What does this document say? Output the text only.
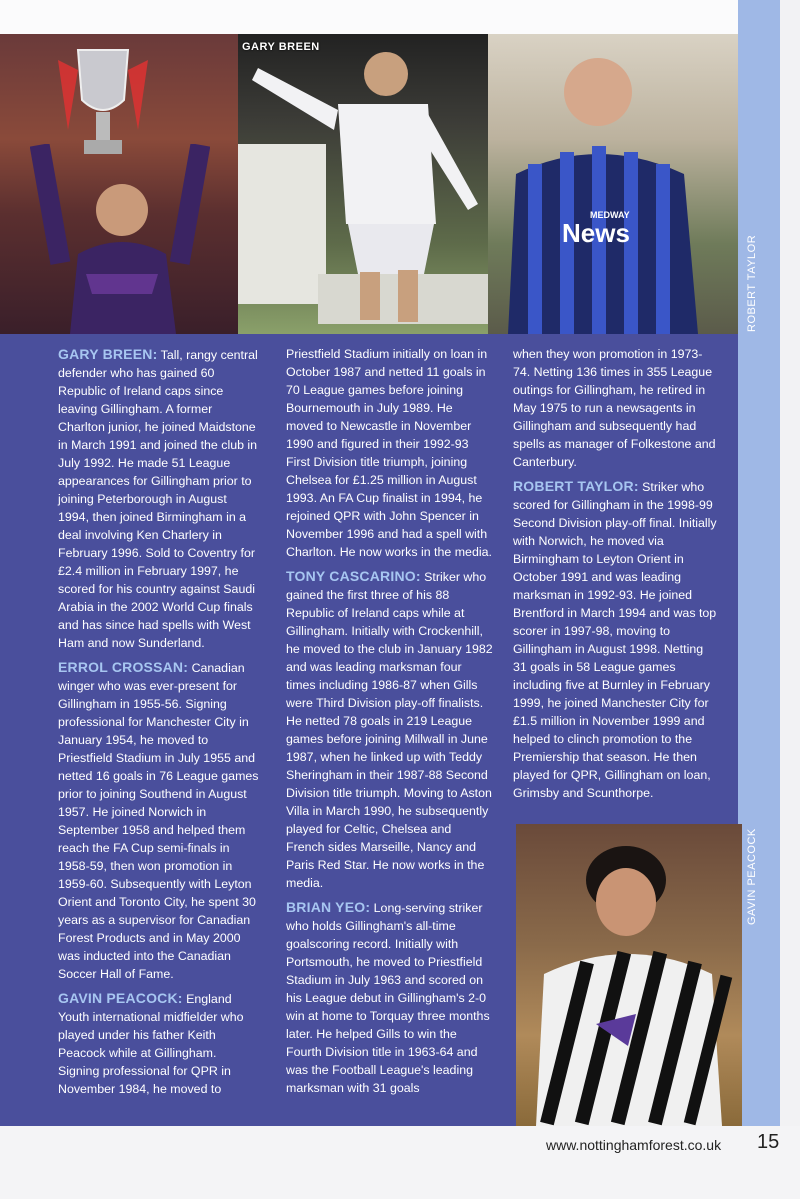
GARY BREEN
News
MEDWAY
ROBERT TAYLOR

GARY BREEN: Tall, rangy central defender who has gained 60 Republic of Ireland caps since leaving Gillingham. A former Charlton junior, he joined Maidstone in March 1991 and joined the club in July 1992. He made 51 League appearances for Gillingham prior to joining Peterborough in August 1994, then joined Birmingham in a deal involving Ken Charlery in February 1996. Sold to Coventry for £2.4 million in February 1997, he scored for his country against Saudi Arabia in the 2002 World Cup finals and has since had spells with West Ham and now Sunderland.

ERROL CROSSAN: Canadian winger who was ever-present for Gillingham in 1955-56. Signing professional for Manchester City in January 1954, he moved to Priestfield Stadium in July 1955 and netted 16 goals in 76 League games prior to joining Southend in August 1957. He joined Norwich in September 1958 and helped them reach the FA Cup semi-finals in 1958-59, then won promotion in 1959-60. Subsequently with Leyton Orient and Toronto City, he spent 30 years as a supervisor for Canadian Forest Products and in May 2000 was inducted into the Canadian Soccer Hall of Fame.

GAVIN PEACOCK: England Youth international midfielder who played under his father Keith Peacock while at Gillingham. Signing professional for QPR in November 1984, he moved to

Priestfield Stadium initially on loan in October 1987 and netted 11 goals in 70 League games before joining Bournemouth in July 1989. He moved to Newcastle in November 1990 and figured in their 1992-93 First Division title triumph, joining Chelsea for £1.25 million in August 1993. An FA Cup finalist in 1994, he rejoined QPR with John Spencer in November 1996 and had a spell with Charlton. He now works in the media.

TONY CASCARINO: Striker who gained the first three of his 88 Republic of Ireland caps while at Gillingham. Initially with Crockenhill, he moved to the club in January 1982 and was leading marksman four times including 1986-87 when Gills were Third Division play-off finalists. He netted 78 goals in 219 League games before joining Millwall in June 1987, when he linked up with Teddy Sheringham in their 1987-88 Second Division title triumph. Moving to Aston Villa in March 1990, he subsequently played for Celtic, Chelsea and French sides Marseille, Nancy and Paris Red Star. He now works in the media.

BRIAN YEO: Long-serving striker who holds Gillingham's all-time goalscoring record. Initially with Portsmouth, he moved to Priestfield Stadium in July 1963 and scored on his League debut in Gillingham's 2-0 win at home to Torquay three months later. He helped Gills to win the Fourth Division title in 1963-64 and was the Football League's leading marksman with 31 goals

when they won promotion in 1973-74. Netting 136 times in 355 League outings for Gillingham, he retired in May 1975 to run a newsagents in Gillingham and subsequently had spells as manager of Folkestone and Canterbury.

ROBERT TAYLOR: Striker who scored for Gillingham in the 1998-99 Second Division play-off final. Initially with Norwich, he moved via Birmingham to Leyton Orient in October 1991 and was leading marksman in 1992-93. He joined Brentford in March 1994 and was top scorer in 1997-98, moving to Gillingham in August 1998. Netting 31 goals in 58 League games including five at Burnley in February 1999, he joined Manchester City for £1.5 million in November 1999 and helped to clinch promotion to the Premiership that season. He then played for QPR, Gillingham on loan, Grimsby and Scunthorpe.

GAVIN PEACOCK
www.nottinghamforest.co.uk 15
